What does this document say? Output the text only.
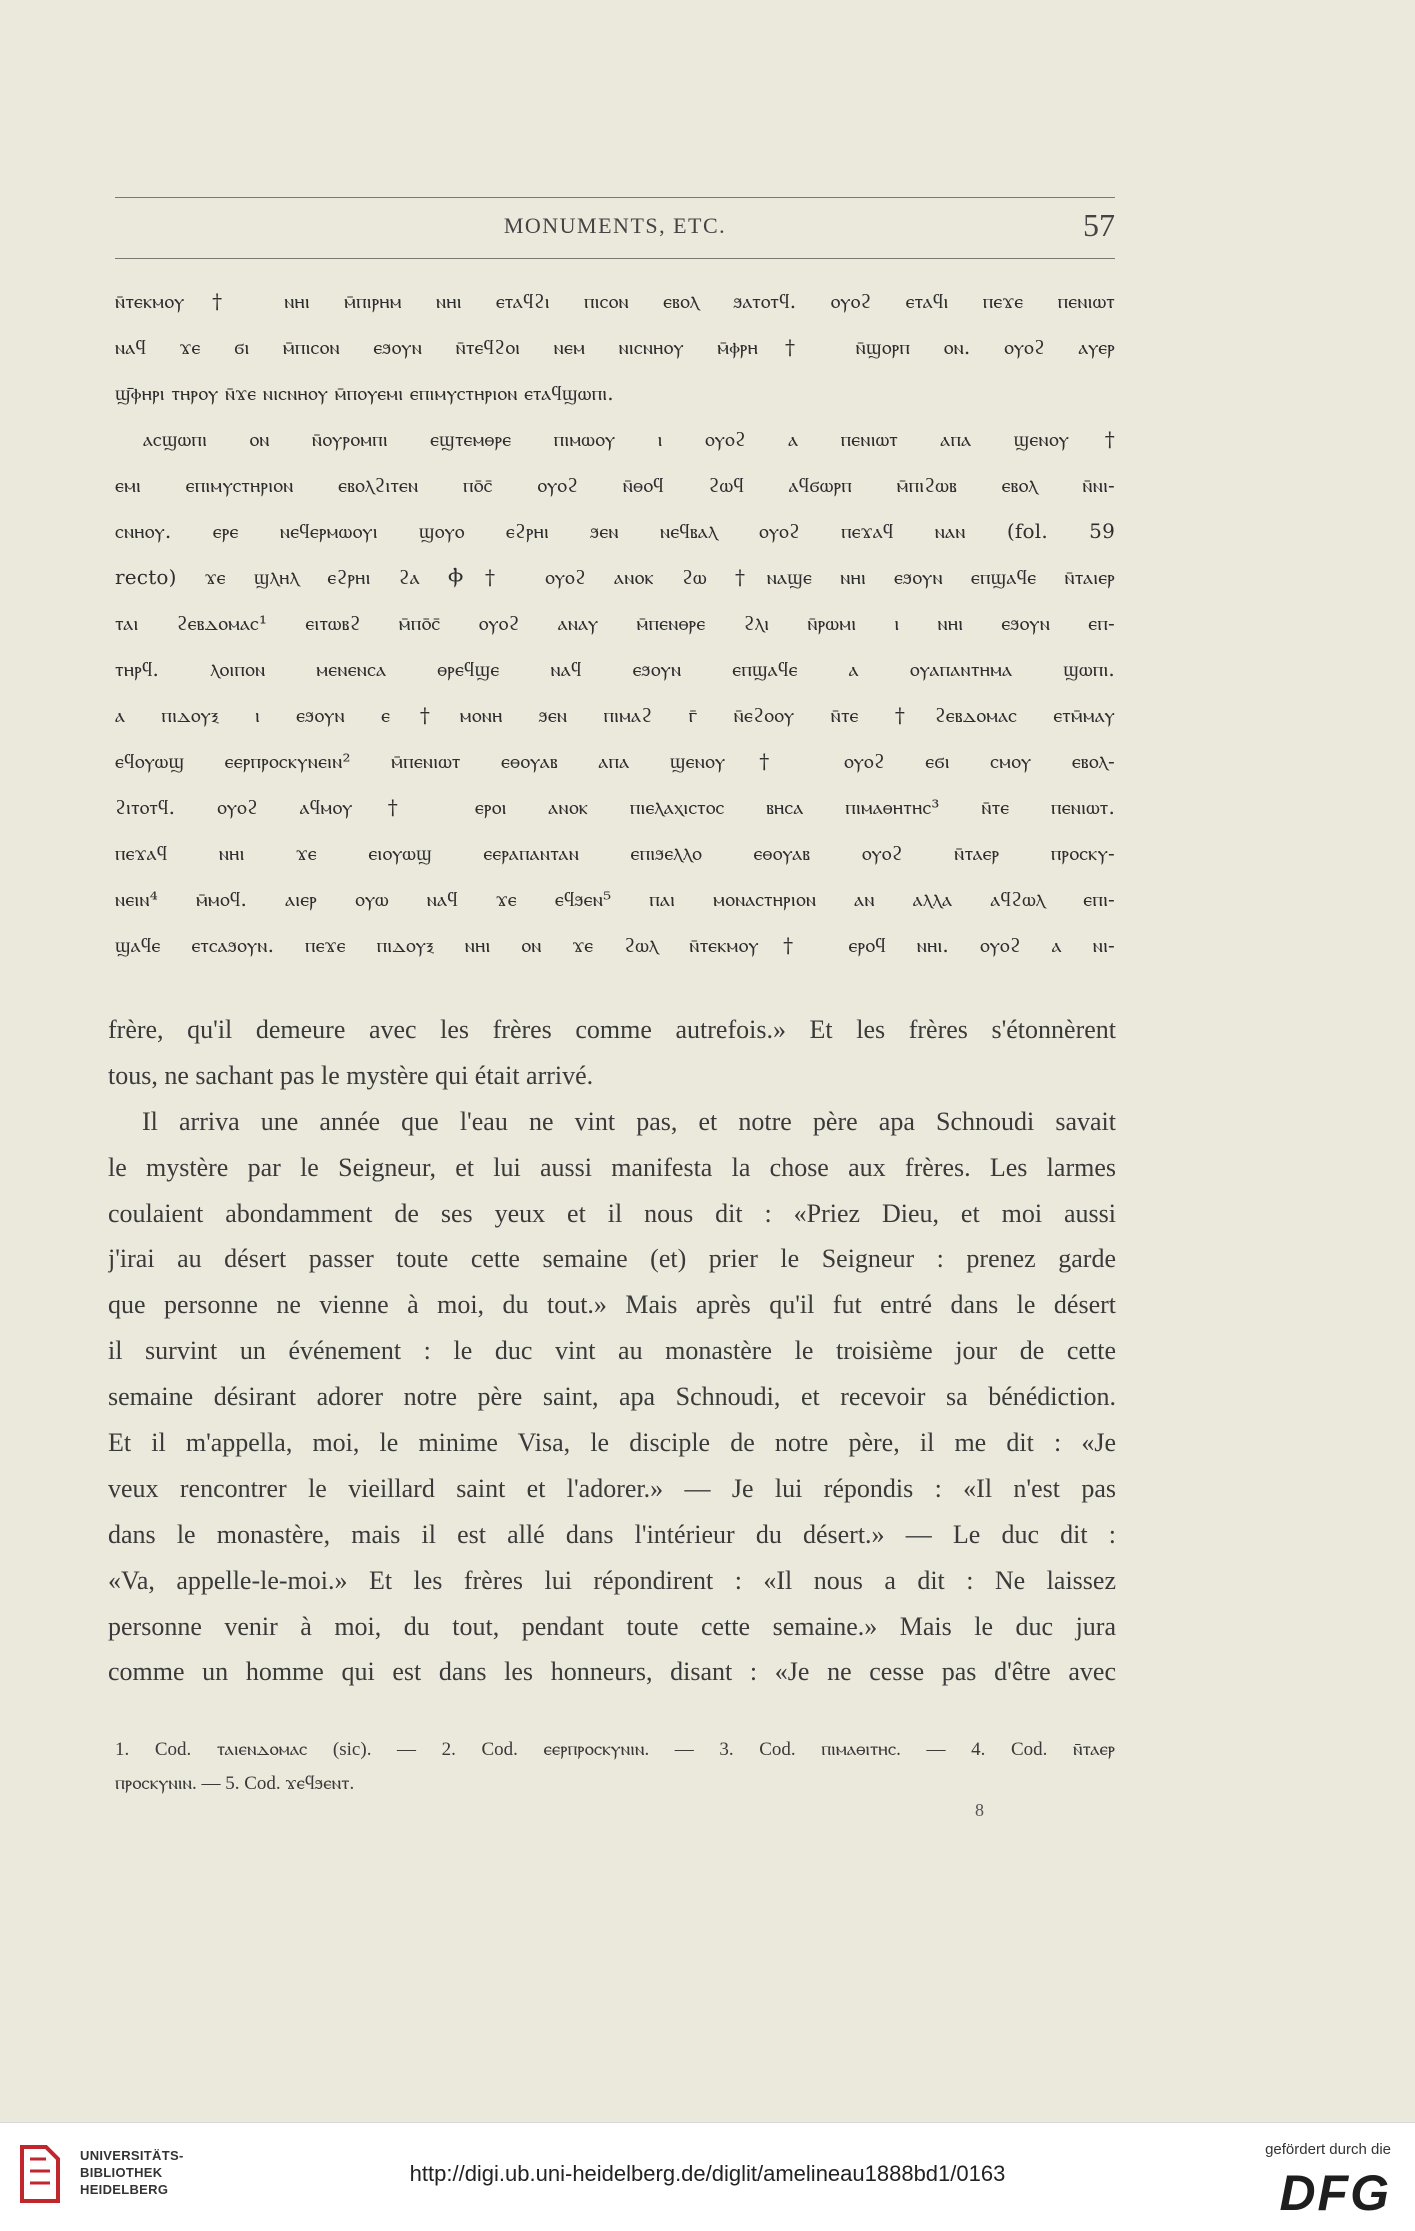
MONUMENTS, ETC.	57
ⲛ̄ⲧⲉⲕⲙⲟⲩ† ⲛⲏⲓ ⲙ̄ⲡⲓⲣⲏⲙ ⲛⲏⲓ ⲉⲧⲁϥϩⲓ ⲡⲓⲥⲟⲛ ⲉⲃⲟⲗ ϧⲁⲧⲟⲧϥ. ⲟⲩⲟϩ ⲉⲧⲁϥⲓ ⲡⲉϫⲉ ⲡⲉⲛⲓⲱⲧ
ⲛⲁϥ ϫⲉ ϭⲓ ⲙ̄ⲡⲓⲥⲟⲛ ⲉϧⲟⲩⲛ ⲛ̄ⲧⲉϥϩⲟⲓ ⲛⲉⲙ ⲛⲓⲥⲛⲏⲟⲩ ⲙ̄ⲫⲣⲏ† ⲛ̄ϣⲟⲣⲡ ⲟⲛ. ⲟⲩⲟϩ ⲁⲩⲉⲣ
ϣ̄ⲫⲏⲣⲓ ⲧⲏⲣⲟⲩ ⲛ̄ϫⲉ ⲛⲓⲥⲛⲏⲟⲩ ⲙ̄ⲡⲟⲩⲉⲙⲓ ⲉⲡⲓⲙⲩⲥⲧⲏⲣⲓⲟⲛ ⲉⲧⲁϥϣⲱⲡⲓ.
ⲁⲥϣⲱⲡⲓ ⲟⲛ ⲛ̄ⲟⲩⲣⲟⲙⲡⲓ ⲉϣⲧⲉⲙⲑⲣⲉ ⲡⲓⲙⲱⲟⲩ ⲓ ⲟⲩⲟϩ ⲁ ⲡⲉⲛⲓⲱⲧ ⲁⲡⲁ ϣⲉⲛⲟⲩ†
ⲉⲙⲓ ⲉⲡⲓⲙⲩⲥⲧⲏⲣⲓⲟⲛ ⲉⲃⲟⲗϩⲓⲧⲉⲛ ⲡⲟ̄ⲥ̄ ⲟⲩⲟϩ ⲛ̄ⲑⲟϥ ϩⲱϥ ⲁϥϭⲱⲣⲡ ⲙ̄ⲡⲓϩⲱⲃ ⲉⲃⲟⲗ ⲛ̄ⲛⲓ-
ⲥⲛⲏⲟⲩ. ⲉⲣⲉ ⲛⲉϥⲉⲣⲙⲱⲟⲩⲓ ϣⲟⲩⲟ ⲉϩⲣⲏⲓ ϧⲉⲛ ⲛⲉϥⲃⲁⲗ ⲟⲩⲟϩ ⲡⲉϫⲁϥ ⲛⲁⲛ (fol. 59
recto) ϫⲉ ϣⲗⲏⲗ ⲉϩⲣⲏⲓ ϩⲁ Ⲫ† ⲟⲩⲟϩ ⲁⲛⲟⲕ ϩⲱ †ⲛⲁϣⲉ ⲛⲏⲓ ⲉϧⲟⲩⲛ ⲉⲡϣⲁϥⲉ ⲛ̄ⲧⲁⲓⲉⲣ
ⲧⲁⲓ ϩⲉⲃⲇⲟⲙⲁⲥ¹ ⲉⲓⲧⲱⲃϩ ⲙ̄ⲡⲟ̄ⲥ̄ ⲟⲩⲟϩ ⲁⲛⲁⲩ ⲙ̄ⲡⲉⲛⲑⲣⲉ ϩⲗⲓ ⲛ̄ⲣⲱⲙⲓ ⲓ ⲛⲏⲓ ⲉϧⲟⲩⲛ ⲉⲡ-
ⲧⲏⲣϥ. ⲗⲟⲓⲡⲟⲛ ⲙⲉⲛⲉⲛⲥⲁ ⲑⲣⲉϥϣⲉ ⲛⲁϥ ⲉϧⲟⲩⲛ ⲉⲡϣⲁϥⲉ ⲁ ⲟⲩⲁⲡⲁⲛⲧⲏⲙⲁ ϣⲱⲡⲓ.
ⲁ ⲡⲓⲇⲟⲩⲝ ⲓ ⲉϧⲟⲩⲛ ⲉ†ⲙⲟⲛⲏ ϧⲉⲛ ⲡⲓⲙⲁϩ ⲅ̄ ⲛ̄ⲉϩⲟⲟⲩ ⲛ̄ⲧⲉ †ϩⲉⲃⲇⲟⲙⲁⲥ ⲉⲧⲙ̄ⲙⲁⲩ
ⲉϥⲟⲩⲱϣ ⲉⲉⲣⲡⲣⲟⲥⲕⲩⲛⲉⲓⲛ² ⲙ̄ⲡⲉⲛⲓⲱⲧ ⲉⲑⲟⲩⲁⲃ ⲁⲡⲁ ϣⲉⲛⲟⲩ† ⲟⲩⲟϩ ⲉϭⲓ ⲥⲙⲟⲩ ⲉⲃⲟⲗ-
ϩⲓⲧⲟⲧϥ. ⲟⲩⲟϩ ⲁϥⲙⲟⲩ† ⲉⲣⲟⲓ ⲁⲛⲟⲕ ⲡⲓⲉⲗⲁⲭⲓⲥⲧⲟⲥ ⲃⲏⲥⲁ ⲡⲓⲙⲁⲑⲏⲧⲏⲥ³ ⲛ̄ⲧⲉ ⲡⲉⲛⲓⲱⲧ.
ⲡⲉϫⲁϥ ⲛⲏⲓ ϫⲉ ⲉⲓⲟⲩⲱϣ ⲉⲉⲣⲁⲡⲁⲛⲧⲁⲛ ⲉⲡⲓϧⲉⲗⲗⲟ ⲉⲑⲟⲩⲁⲃ ⲟⲩⲟϩ ⲛ̄ⲧⲁⲉⲣ ⲡⲣⲟⲥⲕⲩ-
ⲛⲉⲓⲛ⁴ ⲙ̄ⲙⲟϥ. ⲁⲓⲉⲣ ⲟⲩⲱ ⲛⲁϥ ϫⲉ ⲉϥϧⲉⲛ⁵ ⲡⲁⲓ ⲙⲟⲛⲁⲥⲧⲏⲣⲓⲟⲛ ⲁⲛ ⲁⲗⲗⲁ ⲁϥϩⲱⲗ ⲉⲡⲓ-
ϣⲁϥⲉ ⲉⲧⲥⲁϧⲟⲩⲛ. ⲡⲉϫⲉ ⲡⲓⲇⲟⲩⲝ ⲛⲏⲓ ⲟⲛ ϫⲉ ϩⲱⲗ ⲛ̄ⲧⲉⲕⲙⲟⲩ† ⲉⲣⲟϥ ⲛⲏⲓ. ⲟⲩⲟϩ ⲁ ⲛⲓ-
frère, qu'il demeure avec les frères comme autrefois.» Et les frères s'étonnèrent
tous, ne sachant pas le mystère qui était arrivé.
Il arriva une année que l'eau ne vint pas, et notre père apa Schnoudi savait
le mystère par le Seigneur, et lui aussi manifesta la chose aux frères. Les larmes
coulaient abondamment de ses yeux et il nous dit : «Priez Dieu, et moi aussi
j'irai au désert passer toute cette semaine (et) prier le Seigneur : prenez garde
que personne ne vienne à moi, du tout.» Mais après qu'il fut entré dans le désert
il survint un événement : le duc vint au monastère le troisième jour de cette
semaine désirant adorer notre père saint, apa Schnoudi, et recevoir sa bénédiction.
Et il m'appella, moi, le minime Visa, le disciple de notre père, il me dit : «Je
veux rencontrer le vieillard saint et l'adorer.» — Je lui répondis : «Il n'est pas
dans le monastère, mais il est allé dans l'intérieur du désert.» — Le duc dit :
«Va, appelle-le-moi.» Et les frères lui répondirent : «Il nous a dit : Ne laissez
personne venir à moi, du tout, pendant toute cette semaine.» Mais le duc jura
comme un homme qui est dans les honneurs, disant : «Je ne cesse pas d'être avec
1. Cod. ⲧⲁⲓⲉⲛⲇⲟⲙⲁⲥ (sic). — 2. Cod. ⲉⲉⲣⲡⲣⲟⲥⲕⲩⲛⲓⲛ. — 3. Cod. ⲡⲓⲙⲁⲑⲓⲧⲏⲥ. — 4. Cod. ⲛ̄ⲧⲁⲉⲣ
ⲡⲣⲟⲥⲕⲩⲛⲓⲛ. — 5. Cod. ϫⲉϥϧⲉⲛⲧ.
8
UNIVERSITÄTS-
BIBLIOTHEK
HEIDELBERG
http://digi.ub.uni-heidelberg.de/diglit/amelineau1888bd1/0163
gefördert durch die
DFG
